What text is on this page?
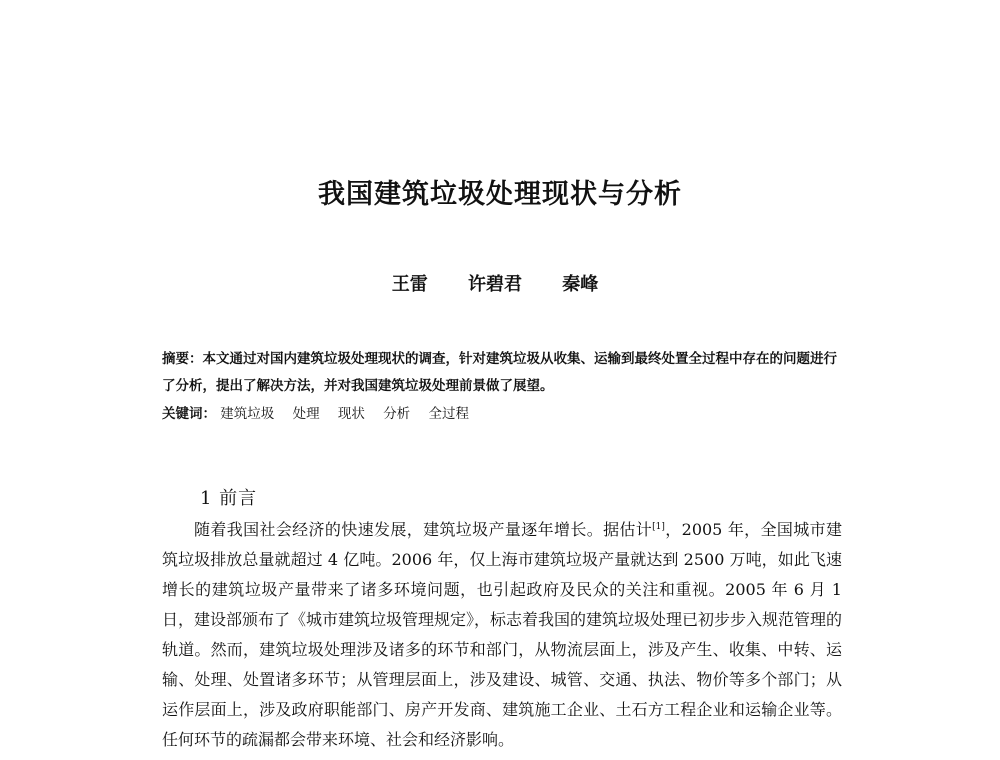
我国建筑垃圾处理现状与分析
王雷 许碧君 秦峰
摘要：本文通过对国内建筑垃圾处理现状的调查，针对建筑垃圾从收集、运输到最终处置全过程中存在的问题进行了分析，提出了解决方法，并对我国建筑垃圾处理前景做了展望。
关键词： 建筑垃圾 处理 现状 分析 全过程
1 前言

随着我国社会经济的快速发展，建筑垃圾产量逐年增长。据估计[1]，2005 年，全国城市建筑垃圾排放总量就超过 4 亿吨。2006 年，仅上海市建筑垃圾产量就达到 2500 万吨，如此飞速增长的建筑垃圾产量带来了诸多环境问题，也引起政府及民众的关注和重视。2005 年 6 月 1 日，建设部颁布了《城市建筑垃圾管理规定》，标志着我国的建筑垃圾处理已初步步入规范管理的轨道。然而，建筑垃圾处理涉及诸多的环节和部门，从物流层面上，涉及产生、收集、中转、运输、处理、处置诸多环节；从管理层面上，涉及建设、城管、交通、执法、物价等多个部门；从运作层面上，涉及政府职能部门、房产开发商、建筑施工企业、土石方工程企业和运输企业等。任何环节的疏漏都会带来环境、社会和经济影响。
